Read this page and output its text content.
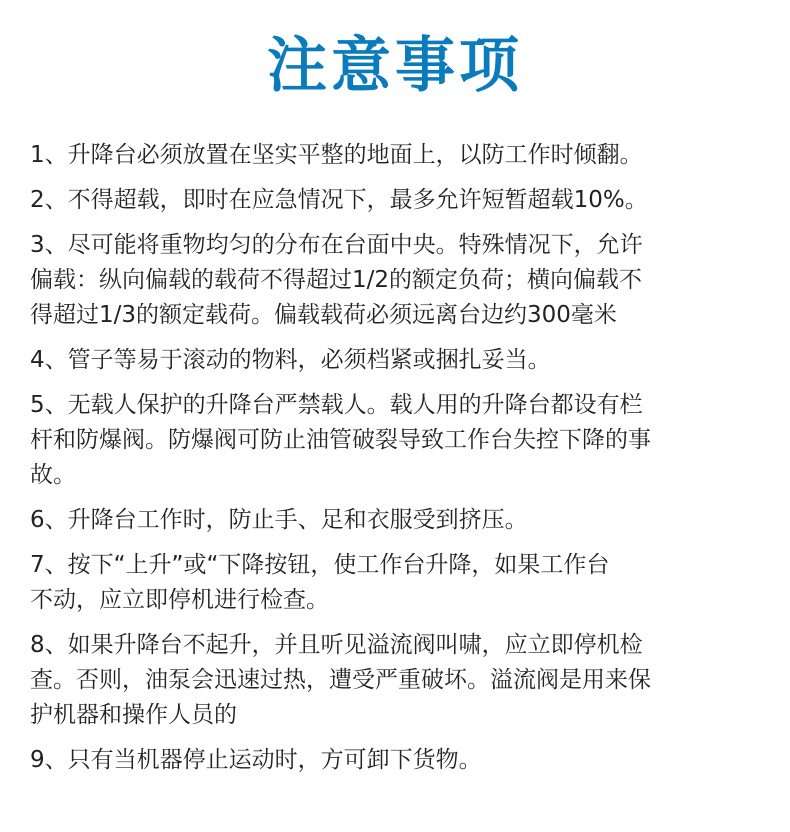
注意事项
1、升降台必须放置在坚实平整的地面上，以防工作时倾翻。
2、不得超载，即时在应急情况下，最多允许短暂超载10%。
3、尽可能将重物均匀的分布在台面中央。特殊情况下，允许
偏载：纵向偏载的载荷不得超过1/2的额定负荷；横向偏载不
得超过1/3的额定载荷。偏载载荷必须远离台边约300毫米
4、管子等易于滚动的物料，必须档紧或捆扎妥当。
5、无载人保护的升降台严禁载人。载人用的升降台都设有栏
杆和防爆阀。防爆阀可防止油管破裂导致工作台失控下降的事
故。
6、升降台工作时，防止手、足和衣服受到挤压。
7、按下“上升”或“下降按钮，使工作台升降，如果工作台
不动，应立即停机进行检查。
8、如果升降台不起升，并且听见溢流阀叫啸，应立即停机检
查。否则，油泵会迅速过热，遭受严重破坏。溢流阀是用来保
护机器和操作人员的
9、只有当机器停止运动时，方可卸下货物。
